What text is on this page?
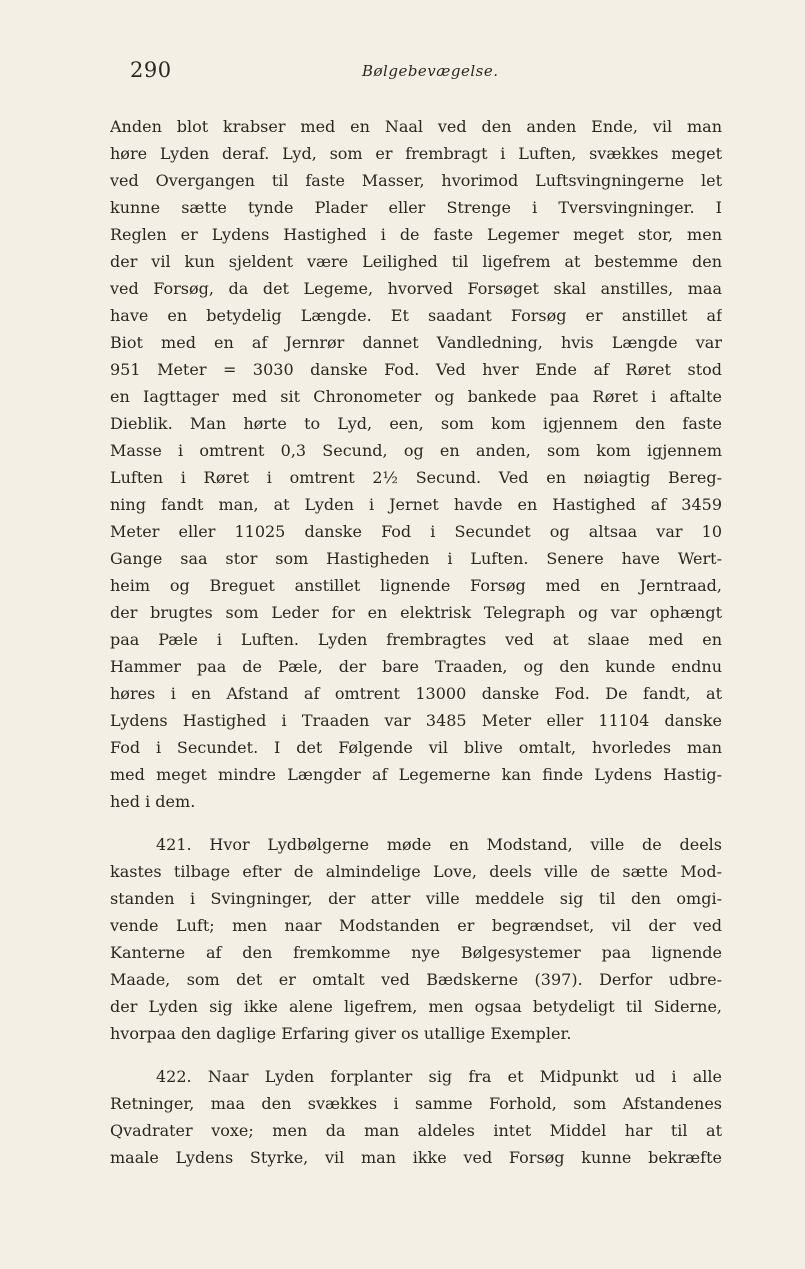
290	Bølgebevægelse.
Anden blot krabser med en Naal ved den anden Ende, vil man
høre Lyden deraf. Lyd, som er frembragt i Luften, svækkes meget
ved Overgangen til faste Masser, hvorimod Luftsvingningerne let
kunne sætte tynde Plader eller Strenge i Tversvingninger. I
Reglen er Lydens Hastighed i de faste Legemer meget stor, men
der vil kun sjeldent være Leilighed til ligefrem at bestemme den
ved Forsøg, da det Legeme, hvorved Forsøget skal anstilles, maa
have en betydelig Længde. Et saadant Forsøg er anstillet af
Biot med en af Jernrør dannet Vandledning, hvis Længde var
951 Meter = 3030 danske Fod. Ved hver Ende af Røret stod
en Iagttager med sit Chronometer og bankede paa Røret i aftalte
Dieblik. Man hørte to Lyd, een, som kom igjennem den faste
Masse i omtrent 0,3 Secund, og en anden, som kom igjennem
Luften i Røret i omtrent 2½ Secund. Ved en nøiagtig Bereg-
ning fandt man, at Lyden i Jernet havde en Hastighed af 3459
Meter eller 11025 danske Fod i Secundet og altsaa var 10
Gange saa stor som Hastigheden i Luften. Senere have Wert-
heim og Breguet anstillet lignende Forsøg med en Jerntraad,
der brugtes som Leder for en elektrisk Telegraph og var ophængt
paa Pæle i Luften. Lyden frembragtes ved at slaae med en
Hammer paa de Pæle, der bare Traaden, og den kunde endnu
høres i en Afstand af omtrent 13000 danske Fod. De fandt, at
Lydens Hastighed i Traaden var 3485 Meter eller 11104 danske
Fod i Secundet. I det Følgende vil blive omtalt, hvorledes man
med meget mindre Længder af Legemerne kan finde Lydens Hastig-
hed i dem.
421. Hvor Lydbølgerne møde en Modstand, ville de deels
kastes tilbage efter de almindelige Love, deels ville de sætte Mod-
standen i Svingninger, der atter ville meddele sig til den omgi-
vende Luft; men naar Modstanden er begrændset, vil der ved
Kanterne af den fremkomme nye Bølgesystemer paa lignende
Maade, som det er omtalt ved Bædskerne (397). Derfor udbre-
der Lyden sig ikke alene ligefrem, men ogsaa betydeligt til Siderne,
hvorpaa den daglige Erfaring giver os utallige Exempler.
422. Naar Lyden forplanter sig fra et Midpunkt ud i alle
Retninger, maa den svækkes i samme Forhold, som Afstandenes
Qvadrater voxe; men da man aldeles intet Middel har til at
maale Lydens Styrke, vil man ikke ved Forsøg kunne bekræfte
